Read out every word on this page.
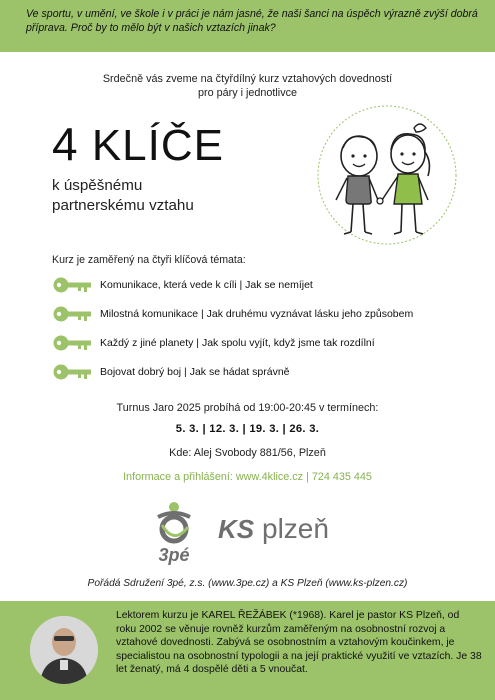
Ve sportu, v umění, ve škole i v práci je nám jasné, že naši šanci na úspěch výrazně zvýší dobrá příprava. Proč by to mělo být v našich vztazích jinak?

Srdečně vás zveme na čtyřdílný kurz vztahových dovedností
pro páry i jednotlivce
4 KLÍČE
k úspěšnému
partnerskému vztahu
Kurz je zaměřený na čtyři klíčová témata:
Komunikace, která vede k cíli | Jak se nemíjet
Milostná komunikace | Jak druhému vyznávat lásku jeho způsobem
Každý z jiné planety | Jak spolu vyjít, když jsme tak rozdílní
Bojovat dobrý boj | Jak se hádat správně
Turnus Jaro 2025 probíhá od 19:00-20:45 v termínech:
5. 3. | 12. 3. | 19. 3. | 26. 3.
Kde: Alej Svobody 881/56, Plzeň
Informace a přihlášení: www.4klice.cz | 724 435 445
3pé
KS plzeň
Pořádá Sdružení 3pé, z.s. (www.3pe.cz) a KS Plzeň (www.ks-plzen.cz)

Lektorem kurzu je KAREL ŘEŽÁBEK (*1968). Karel je pastor KS Plzeň, od roku 2002 se věnuje rovněž kurzům zaměřeným na osobnostní rozvoj a vztahové dovednosti. Zabývá se osobnostním a vztahovým koučinkem, je specialistou na osobnostní typologii a na její praktické využití ve vztazích. Je 38 let ženatý, má 4 dospělé děti a 5 vnoučat.
